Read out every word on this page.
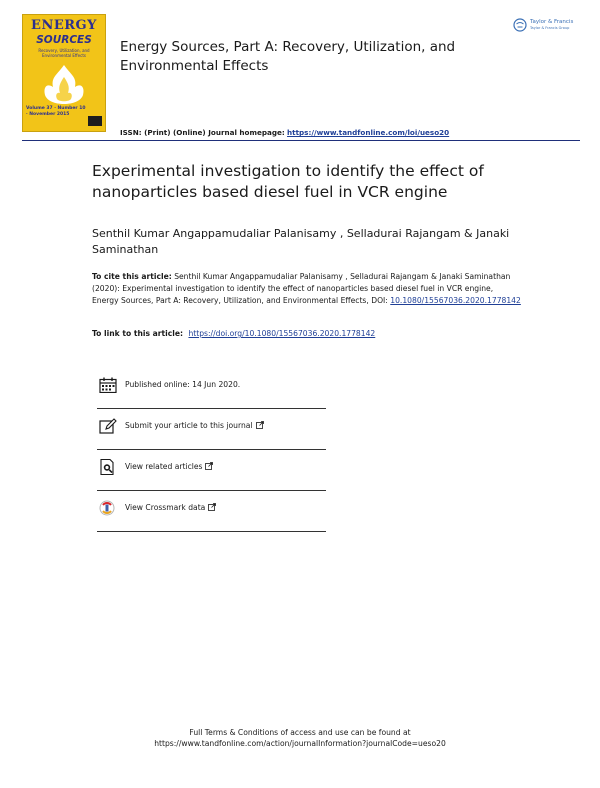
ENERGY
SOURCES
Recovery, Utilization, and Environmental Effects
Volume 37 · Number 10 · November 2015
Energy Sources, Part A: Recovery, Utilization, and Environmental Effects
Taylor & Francis
Taylor & Francis Group
ISSN: (Print) (Online) Journal homepage: https://www.tandfonline.com/loi/ueso20
Experimental investigation to identify the effect of nanoparticles based diesel fuel in VCR engine
Senthil Kumar Angappamudaliar Palanisamy , Selladurai Rajangam & Janaki Saminathan
To cite this article: Senthil Kumar Angappamudaliar Palanisamy , Selladurai Rajangam & Janaki Saminathan (2020): Experimental investigation to identify the effect of nanoparticles based diesel fuel in VCR engine, Energy Sources, Part A: Recovery, Utilization, and Environmental Effects, DOI: 10.1080/15567036.2020.1778142
To link to this article: https://doi.org/10.1080/15567036.2020.1778142
Published online: 14 Jun 2020.
Submit your article to this journal
View related articles
View Crossmark data
Full Terms & Conditions of access and use can be found at
https://www.tandfonline.com/action/journalInformation?journalCode=ueso20
